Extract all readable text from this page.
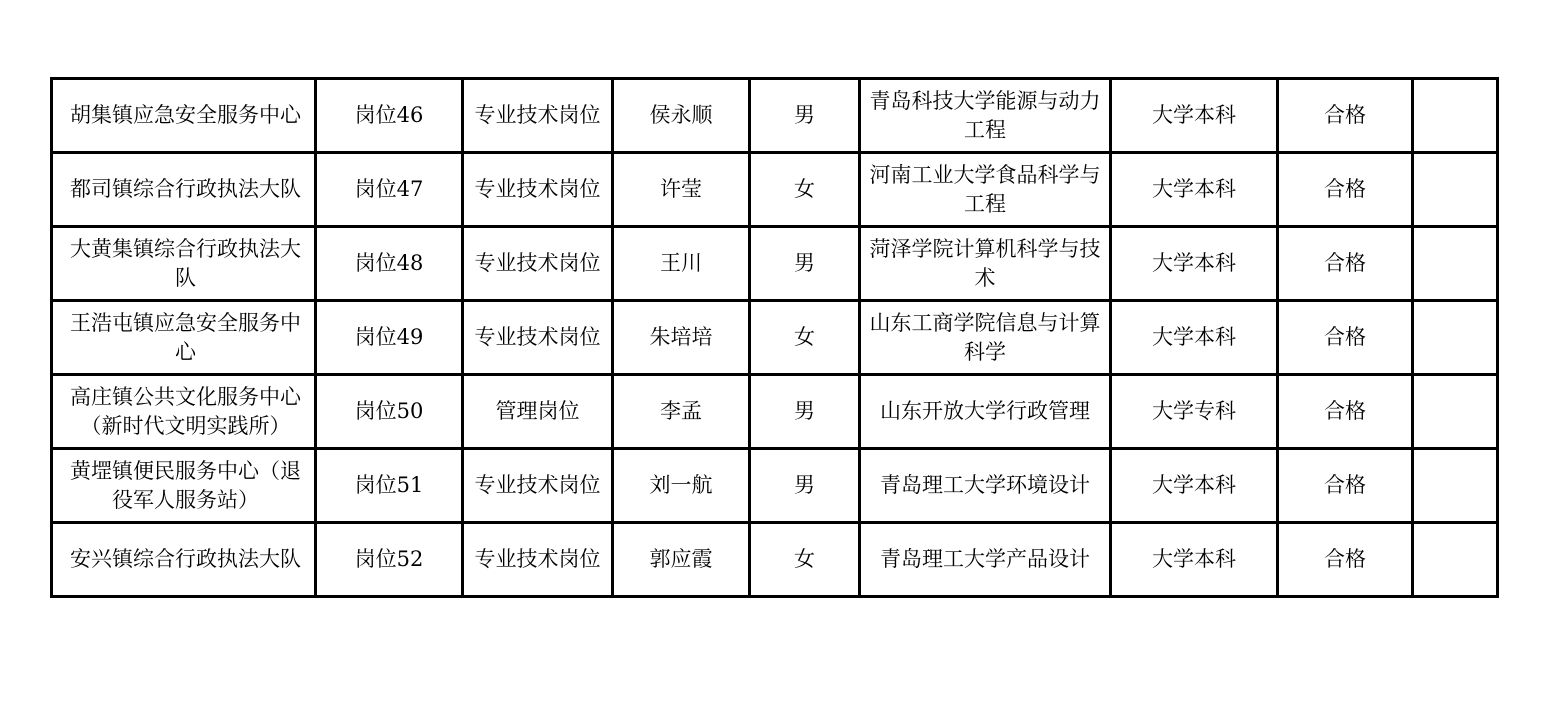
胡集镇应急安全服务中心	岗位46	专业技术岗位	侯永顺	男	青岛科技大学能源与动力工程	大学本科	合格	
都司镇综合行政执法大队	岗位47	专业技术岗位	许莹	女	河南工业大学食品科学与工程	大学本科	合格	
大黄集镇综合行政执法大队	岗位48	专业技术岗位	王川	男	菏泽学院计算机科学与技术	大学本科	合格	
王浩屯镇应急安全服务中心	岗位49	专业技术岗位	朱培培	女	山东工商学院信息与计算科学	大学本科	合格	
高庄镇公共文化服务中心（新时代文明实践所）	岗位50	管理岗位	李孟	男	山东开放大学行政管理	大学专科	合格	
黄堽镇便民服务中心（退役军人服务站）	岗位51	专业技术岗位	刘一航	男	青岛理工大学环境设计	大学本科	合格	
安兴镇综合行政执法大队	岗位52	专业技术岗位	郭应霞	女	青岛理工大学产品设计	大学本科	合格	
